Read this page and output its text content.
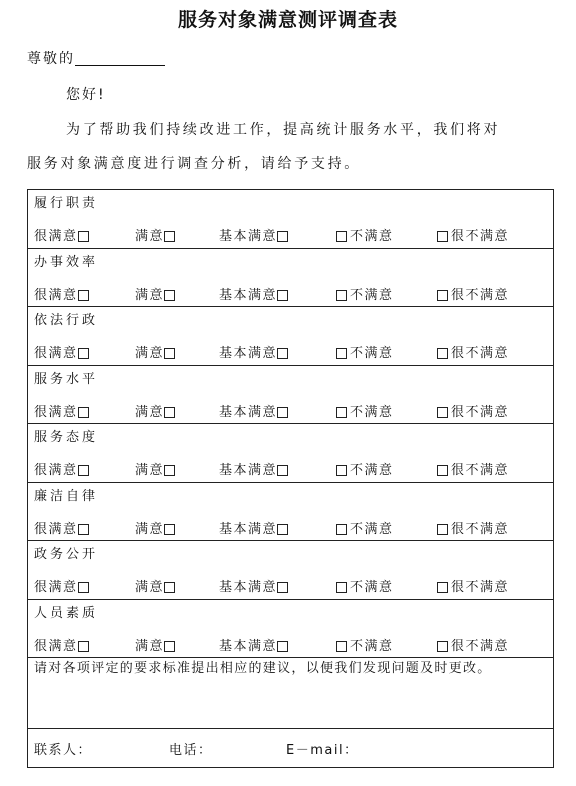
服务对象满意测评调查表
尊敬的
您好!
为了帮助我们持续改进工作，提高统计服务水平，我们将对
服务对象满意度进行调查分析，请给予支持。
履行职责
很满意	满意	基本满意	不满意	很不满意
办事效率
很满意	满意	基本满意	不满意	很不满意
依法行政
很满意	满意	基本满意	不满意	很不满意
服务水平
很满意	满意	基本满意	不满意	很不满意
服务态度
很满意	满意	基本满意	不满意	很不满意
廉洁自律
很满意	满意	基本满意	不满意	很不满意
政务公开
很满意	满意	基本满意	不满意	很不满意
人员素质
很满意	满意	基本满意	不满意	很不满意
请对各项评定的要求标准提出相应的建议，以便我们发现问题及时更改。
联系人：	电话：	E－mail：
